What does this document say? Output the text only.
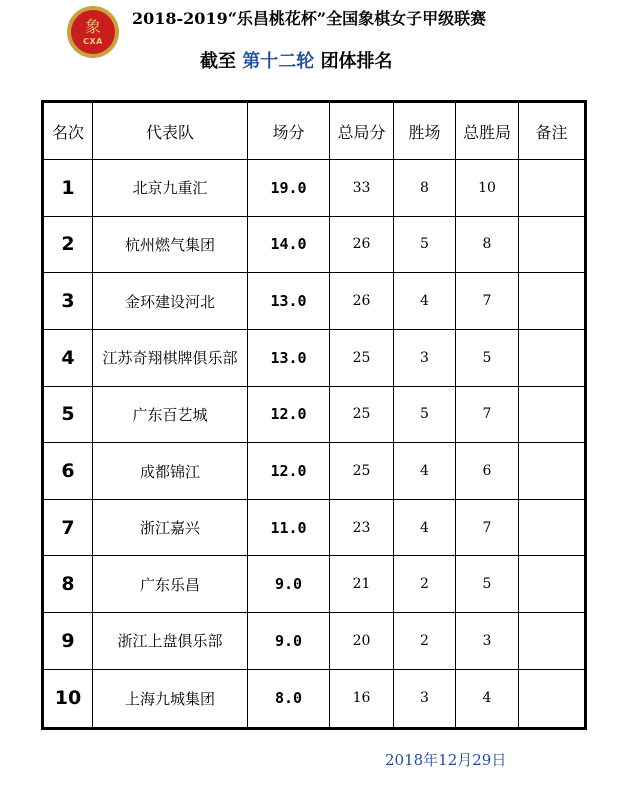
象
CXA
2018-2019“乐昌桃花杯”全国象棋女子甲级联赛
截至 第十二轮 团体排名
名次	代表队	场分	总局分	胜场	总胜局	备注
1	北京九重汇	19.0	33	8	10	
2	杭州燃气集团	14.0	26	5	8	
3	金环建设河北	13.0	26	4	7	
4	江苏奇翔棋牌俱乐部	13.0	25	3	5	
5	广东百艺城	12.0	25	5	7	
6	成都锦江	12.0	25	4	6	
7	浙江嘉兴	11.0	23	4	7	
8	广东乐昌	9.0	21	2	5	
9	浙江上盘俱乐部	9.0	20	2	3	
10	上海九城集团	8.0	16	3	4	
2018年12月29日
